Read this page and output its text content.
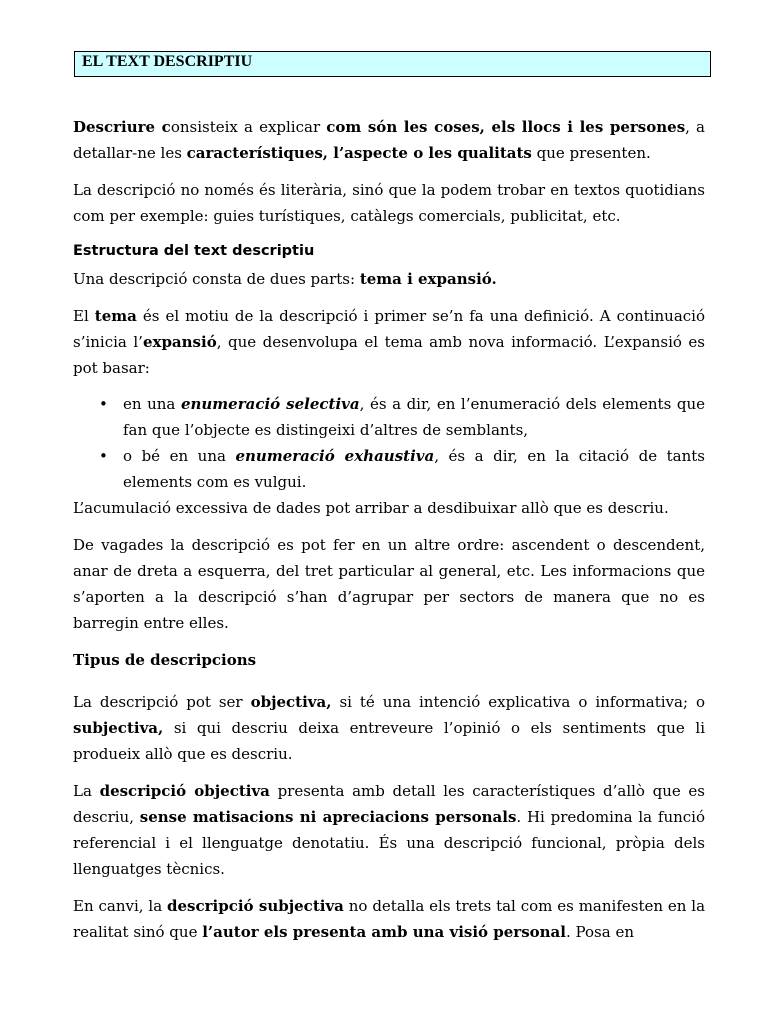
EL TEXT DESCRIPTIU

Descriure consisteix a explicar com són les coses, els llocs i les persones, a detallar-ne les característiques, l’aspecte o les qualitats que presenten.

La descripció no només és literària, sinó que la podem trobar en textos quotidians com per exemple: guies turístiques, catàlegs comercials, publicitat, etc.

Estructura del text descriptiu

Una descripció consta de dues parts: tema i expansió.

El tema és el motiu de la descripció i primer se’n fa una definició. A continuació s’inicia l’expansió, que desenvolupa el tema amb nova informació. L’expansió es pot basar:

• en una enumeració selectiva, és a dir, en l’enumeració dels elements que fan que l’objecte es distingeixi d’altres de semblants,
• o bé en una enumeració exhaustiva, és a dir, en la citació de tants elements com es vulgui.

L’acumulació excessiva de dades pot arribar a desdibuixar allò que es descriu.

De vagades la descripció es pot fer en un altre ordre: ascendent o descendent, anar de dreta a esquerra, del tret particular al general, etc. Les informacions que s’aporten a la descripció s’han d’agrupar per sectors de manera que no es barregin entre elles.

Tipus de descripcions

La descripció pot ser objectiva, si té una intenció explicativa o informativa; o subjectiva, si qui descriu deixa entreveure l’opinió o els sentiments que li produeix allò que es descriu.

La descripció objectiva presenta amb detall les característiques d’allò que es descriu, sense matisacions ni apreciacions personals. Hi predomina la funció referencial i el llenguatge denotatiu. És una descripció funcional, pròpia dels llenguatges tècnics.

En canvi, la descripció subjectiva no detalla els trets tal com es manifesten en la realitat sinó que l’autor els presenta amb una visió personal. Posa en
